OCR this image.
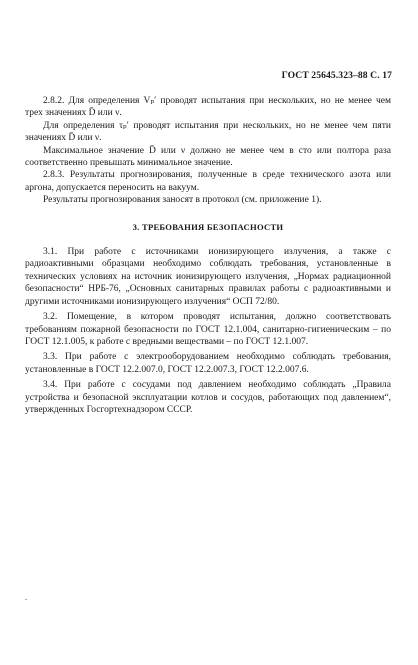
ГОСТ 25645.323–88 С. 17

2.8.2. Для определения Vₚ′ проводят испытания при нескольких, но не менее чем трех значениях D̄ или ν.

Для определения τₚ′ проводят испытания при нескольких, но не менее чем пяти значениях D̄ или ν.

Максимальное значение D̄ или ν должно не менее чем в сто или полтора раза соответственно превышать минимальное значение.

2.8.3. Результаты прогнозирования, полученные в среде технического азота или аргона, допускается переносить на вакуум.

Результаты прогнозирования заносят в протокол (см. приложение 1).

3. ТРЕБОВАНИЯ БЕЗОПАСНОСТИ

3.1. При работе с источниками ионизирующего излучения, а также с радиоактивными образцами необходимо соблюдать требования, установленные в технических условиях на источник ионизирующего излучения, „Нормах радиационной безопасности“ НРБ-76, „Основных санитарных правилах работы с радиоактивными и другими источниками ионизирующего излучения“ ОСП 72/80.

3.2. Помещение, в котором проводят испытания, должно соответствовать требованиям пожарной безопасности по ГОСТ 12.1.004, санитарно-гигиеническим – по ГОСТ 12.1.005, к работе с вредными веществами – по ГОСТ 12.1.007.

3.3. При работе с электрооборудованием необходимо соблюдать требования, установленные в ГОСТ 12.2.007.0, ГОСТ 12.2.007.3, ГОСТ 12.2.007.6.

3.4. При работе с сосудами под давлением необходимо соблюдать „Правила устройства и безопасной эксплуатации котлов и сосудов, работающих под давлением“, утвержденных Госгортехнадзором СССР.

.
